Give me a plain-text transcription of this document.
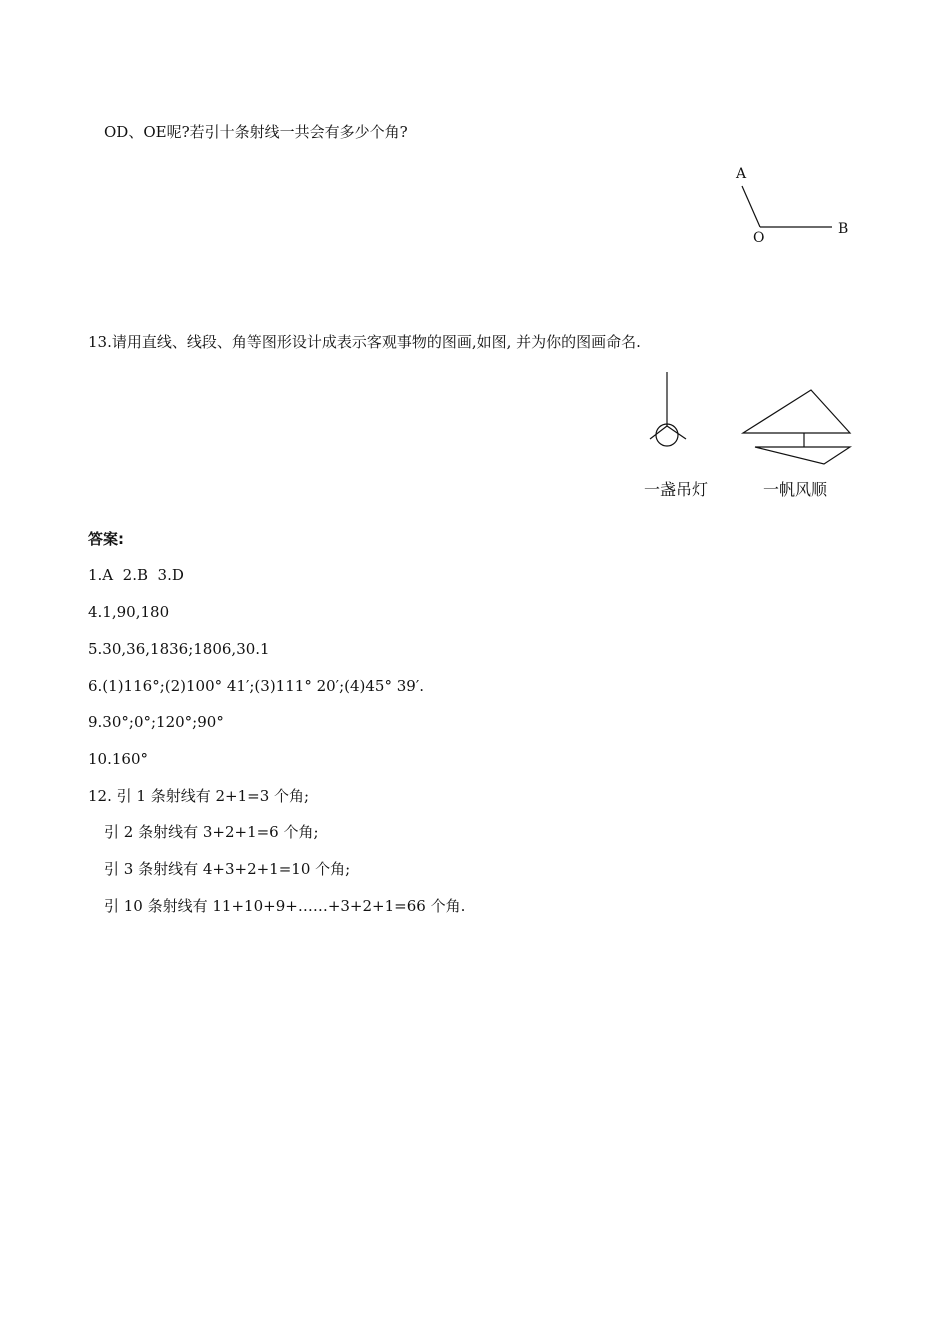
OD、OE呢?若引十条射线一共会有多少个角?
A
O
B
13.请用直线、线段、角等图形设计成表示客观事物的图画,如图, 并为你的图画命名.
一盏吊灯	一帆风顺
答案:
1.A  2.B  3.D
4.1,90,180
5.30,36,1836;1806,30.1
6.(1)116°;(2)100° 41′;(3)111° 20′;(4)45° 39′.
9.30°;0°;120°;90°
10.160°
12. 引 1 条射线有 2+1=3 个角;
引 2 条射线有 3+2+1=6 个角;
引 3 条射线有 4+3+2+1=10 个角;
引 10 条射线有 11+10+9+……+3+2+1=66 个角.
